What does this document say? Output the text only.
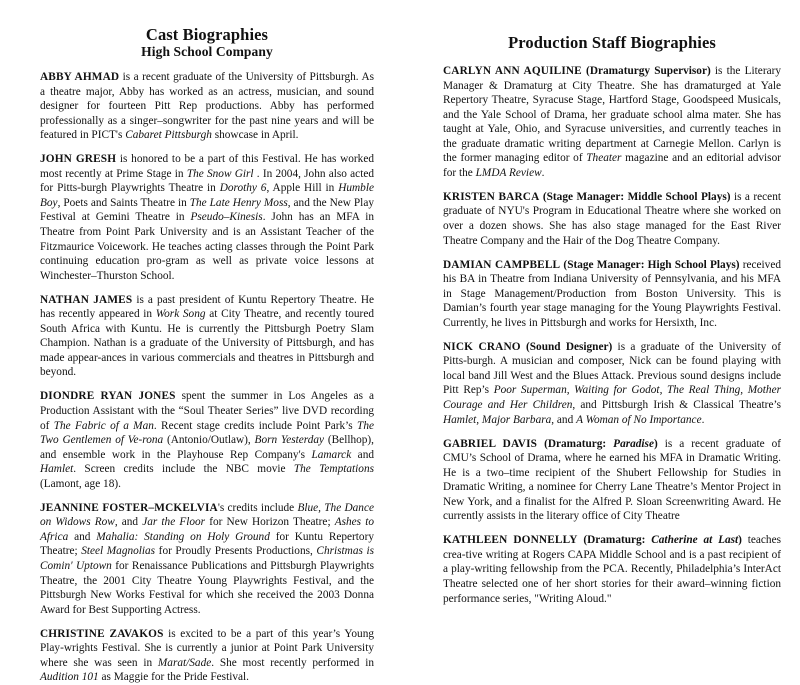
Cast Biographies
High School Company

ABBY AHMAD is a recent graduate of the University of Pittsburgh. As a theatre major, Abby has worked as an actress, musician, and sound designer for fourteen Pitt Rep productions. Abby has performed professionally as a singer–songwriter for the past nine years and will be featured in PICT's Cabaret Pittsburgh showcase in April.

JOHN GRESH is honored to be a part of this Festival. He has worked most recently at Prime Stage in The Snow Girl . In 2004, John also acted for Pitts-burgh Playwrights Theatre in Dorothy 6, Apple Hill in Humble Boy, Poets and Saints Theatre in The Late Henry Moss, and the New Play Festival at Gemini Theatre in Pseudo–Kinesis. John has an MFA in Theatre from Point Park University and is an Assistant Teacher of the Fitzmaurice Voicework. He teaches acting classes through the Point Park continuing education pro-gram as well as private voice lessons at Winchester–Thurston School.

NATHAN JAMES is a past president of Kuntu Repertory Theatre. He has recently appeared in Work Song at City Theatre, and recently toured South Africa with Kuntu. He is currently the Pittsburgh Poetry Slam Champion. Nathan is a graduate of the University of Pittsburgh, and has made appear-ances in various commercials and theatres in Pittsburgh and beyond.

DIONDRE RYAN JONES spent the summer in Los Angeles as a Production Assistant with the “Soul Theater Series” live DVD recording of The Fabric of a Man. Recent stage credits include Point Park’s The Two Gentlemen of Ve-rona (Antonio/Outlaw), Born Yesterday (Bellhop), and ensemble work in the Playhouse Rep Company's Lamarck and Hamlet. Screen credits include the NBC movie The Temptations (Lamont, age 18).

JEANNINE FOSTER–MCKELVIA's credits include Blue, The Dance on Widows Row, and Jar the Floor for New Horizon Theatre; Ashes to Africa and Mahalia: Standing on Holy Ground for Kuntu Repertory Theatre; Steel Magnolias for Proudly Presents Productions, Christmas is Comin' Uptown for Renaissance Publications and Pittsburgh Playwrights Theatre, the 2001 City Theatre Young Playwrights Festival, and the Pittsburgh New Works Festival for which she received the 2003 Donna Award for Best Supporting Actress.

CHRISTINE ZAVAKOS is excited to be a part of this year’s Young Play-wrights Festival. She is currently a junior at Point Park University where she was seen in Marat/Sade. She most recently performed in Audition 101 as Maggie for the Pride Festival.

Production Staff Biographies

CARLYN ANN AQUILINE (Dramaturgy Supervisor) is the Literary Manager & Dramaturg at City Theatre. She has dramaturged at Yale Repertory Theatre, Syracuse Stage, Hartford Stage, Goodspeed Musicals, and the Yale School of Drama, her graduate school alma mater. She has taught at Yale, Ohio, and Syracuse universities, and currently teaches in the graduate dramatic writing department at Carnegie Mellon. Carlyn is the former managing editor of Theater magazine and an editorial advisor for the LMDA Review.

KRISTEN BARCA (Stage Manager: Middle School Plays) is a recent graduate of NYU's Program in Educational Theatre where she worked on over a dozen shows. She has also stage managed for the East River Theatre Company and the Hair of the Dog Theatre Company.

DAMIAN CAMPBELL (Stage Manager: High School Plays) received his BA in Theatre from Indiana University of Pennsylvania, and his MFA in Stage Management/Production from Boston University. This is Damian’s fourth year stage managing for the Young Playwrights Festival. Currently, he lives in Pittsburgh and works for Hersixth, Inc.

NICK CRANO (Sound Designer) is a graduate of the University of Pitts-burgh. A musician and composer, Nick can be found playing with local band Jill West and the Blues Attack. Previous sound designs include Pitt Rep’s Poor Superman, Waiting for Godot, The Real Thing, Mother Courage and Her Children, and Pittsburgh Irish & Classical Theatre’s Hamlet, Major Barbara, and A Woman of No Importance.

GABRIEL DAVIS (Dramaturg: Paradise) is a recent graduate of CMU’s School of Drama, where he earned his MFA in Dramatic Writing. He is a two–time recipient of the Shubert Fellowship for Studies in Dramatic Writing, a nominee for Cherry Lane Theatre’s Mentor Project in New York, and a finalist for the Alfred P. Sloan Screenwriting Award. He currently assists in the literary office of City Theatre

KATHLEEN DONNELLY (Dramaturg: Catherine at Last) teaches crea-tive writing at Rogers CAPA Middle School and is a past recipient of a play-writing fellowship from the PCA. Recently, Philadelphia’s InterAct Theatre selected one of her short stories for their award–winning fiction performance series, "Writing Aloud."
